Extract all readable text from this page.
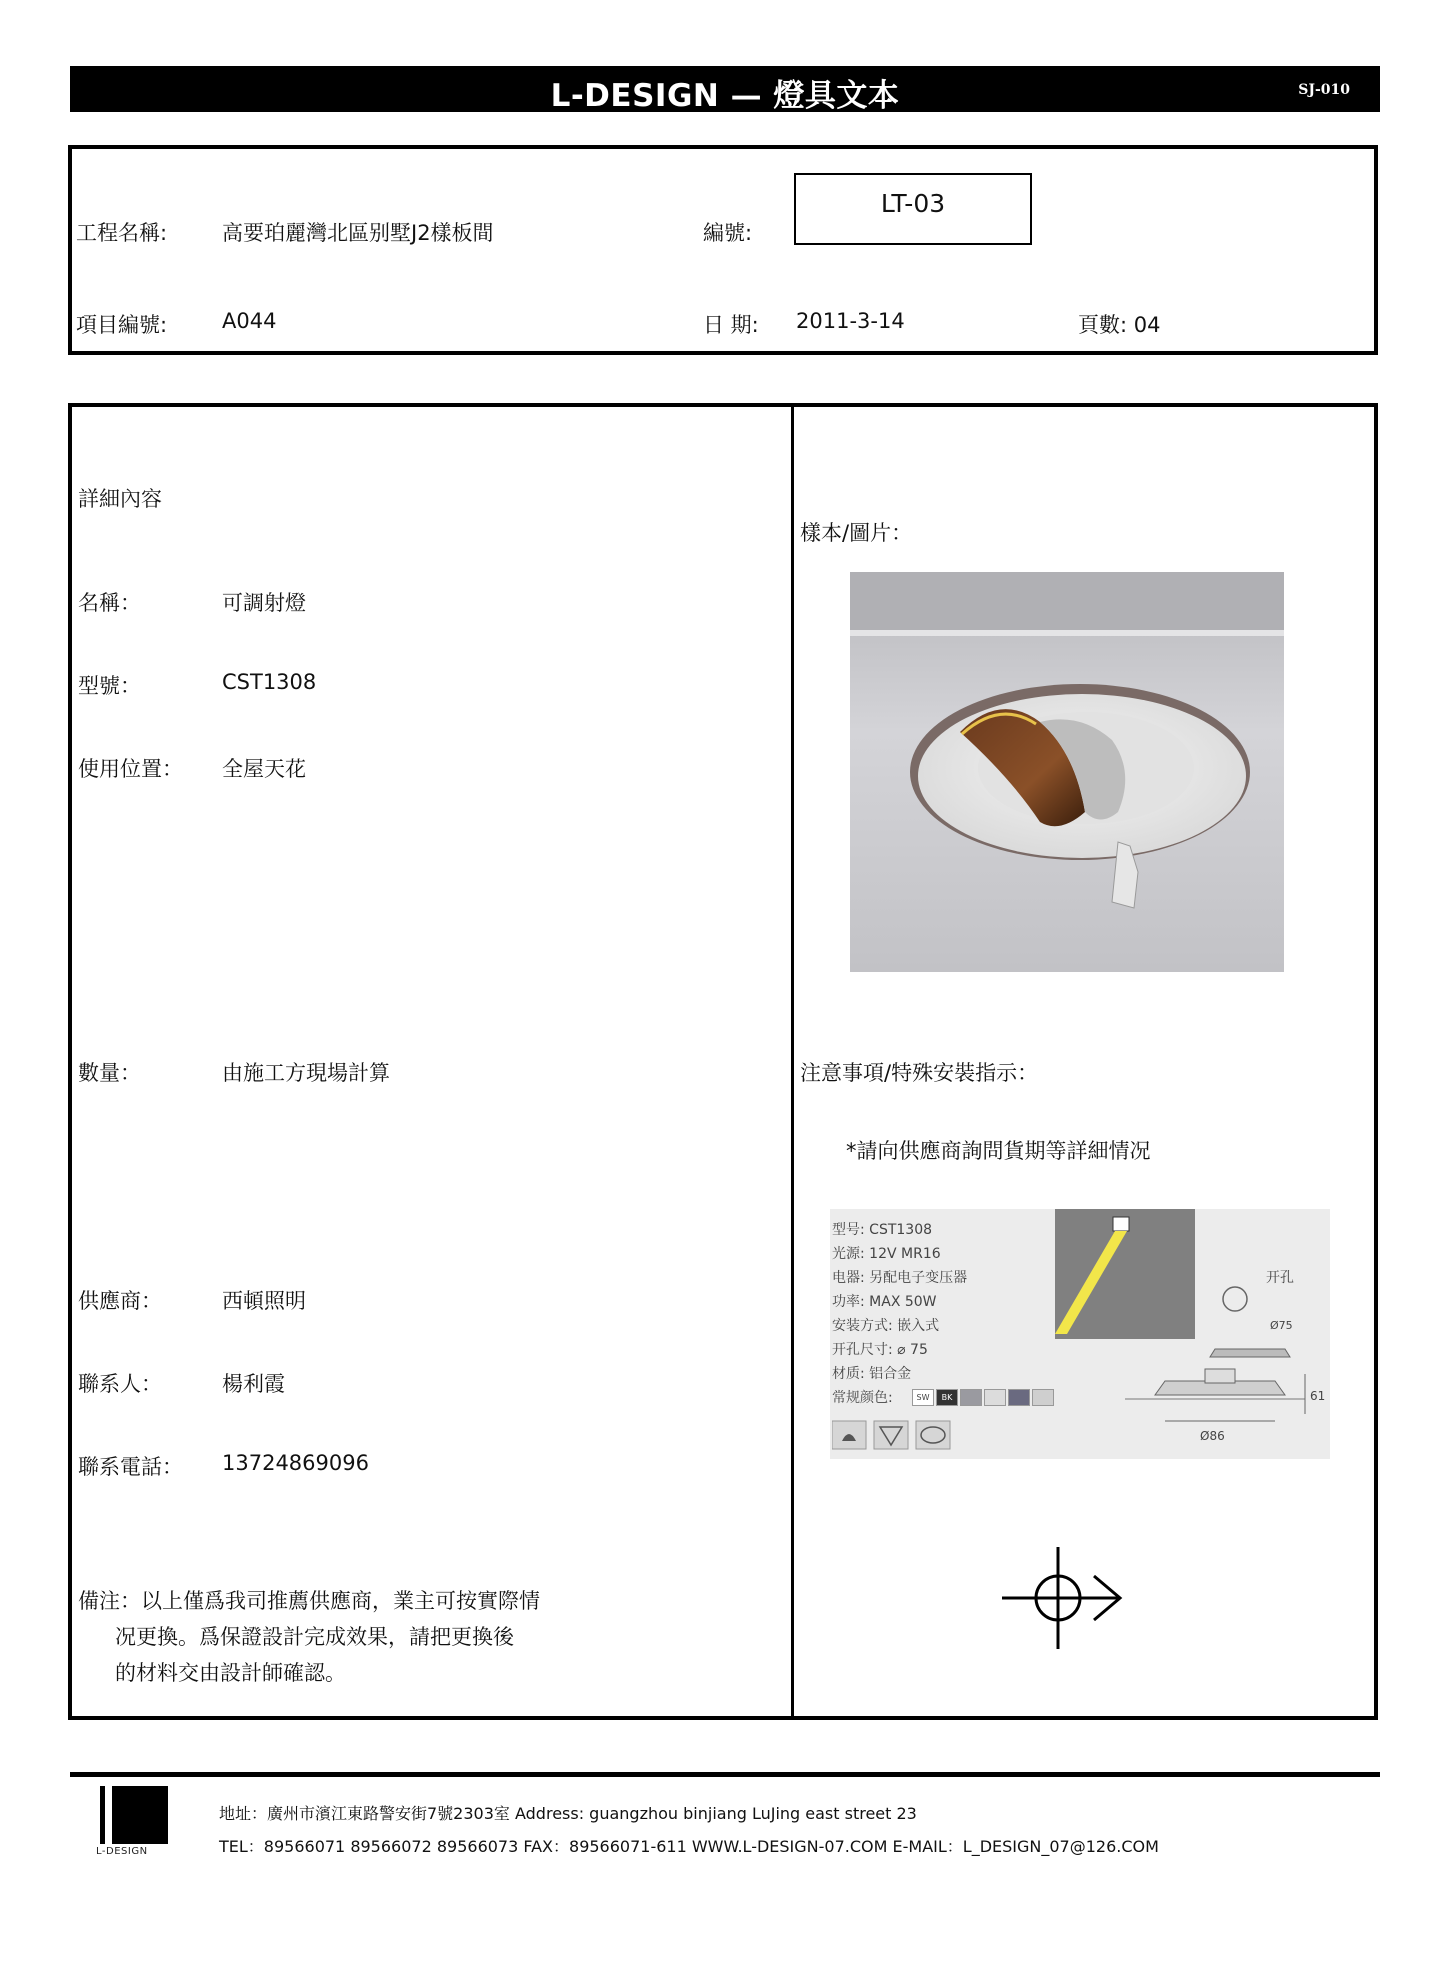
L-DESIGN — 燈具文本	SJ-010
工程名稱:	高要珀麗灣北區别墅J2樣板間	編號:
LT-03
項目編號:	A044	日 期: 2011-3-14	頁數: 04
詳細內容
名稱：	可調射燈
型號：	CST1308
使用位置： 全屋天花
數量：	由施工方現場計算
供應商：	西頓照明
聯系人：	楊利霞
聯系電話： 13724869096
備注：以上僅爲我司推薦供應商，業主可按實際情
况更換。爲保證設計完成效果，請把更換後
的材料交由設計師確認。
樣本/圖片：
注意事項/特殊安裝指示：
*請向供應商詢問貨期等詳細情况
型号: CST1308
光源: 12V MR16
电器: 另配电子变压器
功率: MAX 50W
安装方式: 嵌入式
开孔尺寸: ⌀ 75
材质: 铝合金
常规颜色:	SW	BK
开孔
Ø75
61
Ø86
L-DESIGN
地址：廣州市濱江東路警安街7號2303室 Address: guangzhou binjiang LuJing east street 23
TEL：89566071 89566072 89566073 FAX：89566071-611 WWW.L-DESIGN-07.COM E-MAIL：L_DESIGN_07@126.COM
